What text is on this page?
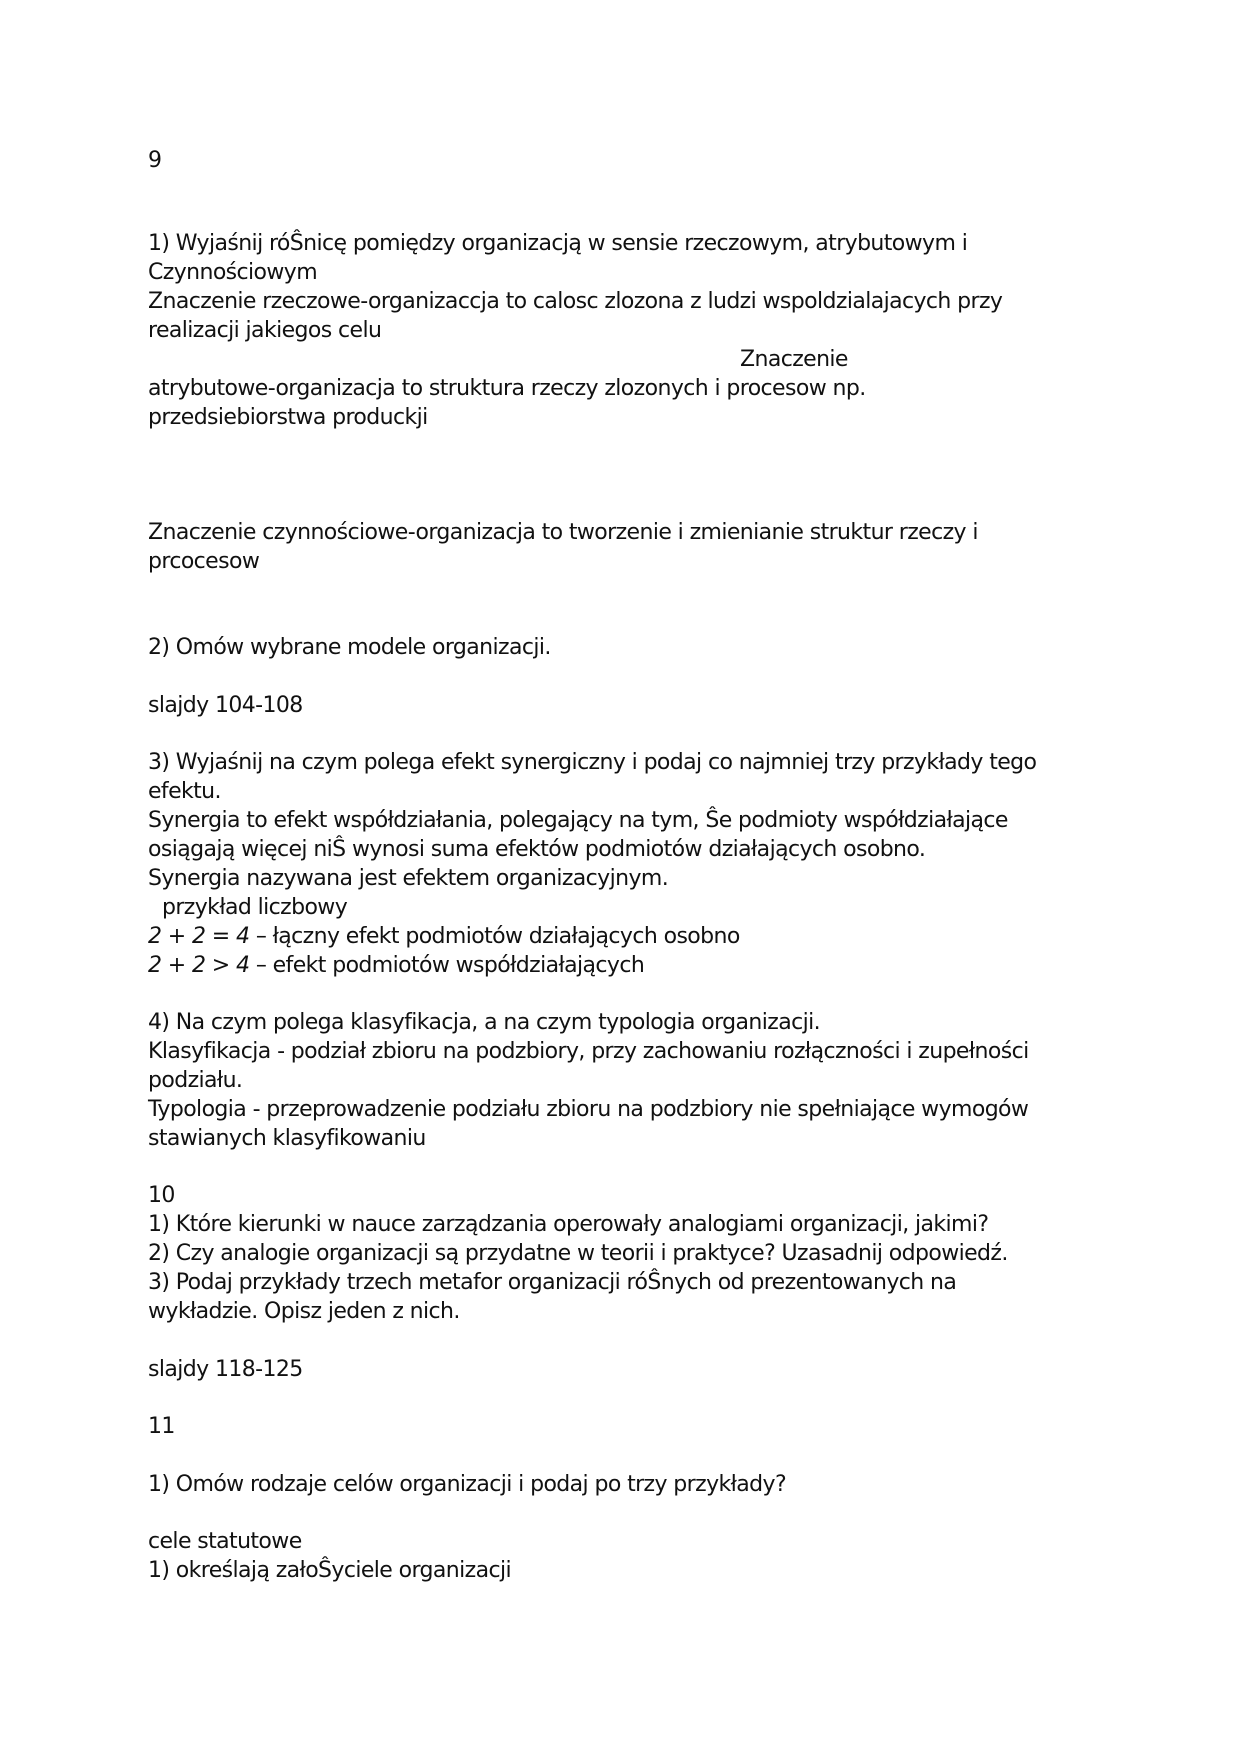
9
1) Wyjaśnij róŜnicę pomiędzy organizacją w sensie rzeczowym, atrybutowym i
Czynnościowym
Znaczenie rzeczowe-organizaccja to calosc zlozona z ludzi wspoldzialajacych przy
realizacji jakiegos celu
Znaczenie
atrybutowe-organizacja to struktura rzeczy zlozonych i procesow np.
przedsiebiorstwa produckji
Znaczenie czynnościowe-organizacja to tworzenie i zmienianie struktur rzeczy i
prcocesow
2) Omów wybrane modele organizacji.
slajdy 104-108
3) Wyjaśnij na czym polega efekt synergiczny i podaj co najmniej trzy przykłady tego
efektu.
Synergia to efekt współdziałania, polegający na tym, Ŝe podmioty współdziałające
osiągają więcej niŜ wynosi suma efektów podmiotów działających osobno.
Synergia nazywana jest efektem organizacyjnym.
przykład liczbowy
2 + 2 = 4 – łączny efekt podmiotów działających osobno
2 + 2 > 4 – efekt podmiotów współdziałających
4) Na czym polega klasyfikacja, a na czym typologia organizacji.
Klasyfikacja - podział zbioru na podzbiory, przy zachowaniu rozłączności i zupełności
podziału.
Typologia - przeprowadzenie podziału zbioru na podzbiory nie spełniające wymogów
stawianych klasyfikowaniu
10
1) Które kierunki w nauce zarządzania operowały analogiami organizacji, jakimi?
2) Czy analogie organizacji są przydatne w teorii i praktyce? Uzasadnij odpowiedź.
3) Podaj przykłady trzech metafor organizacji róŜnych od prezentowanych na
wykładzie. Opisz jeden z nich.
slajdy 118-125
11
1) Omów rodzaje celów organizacji i podaj po trzy przykłady?
cele statutowe
1) określają załoŜyciele organizacji
